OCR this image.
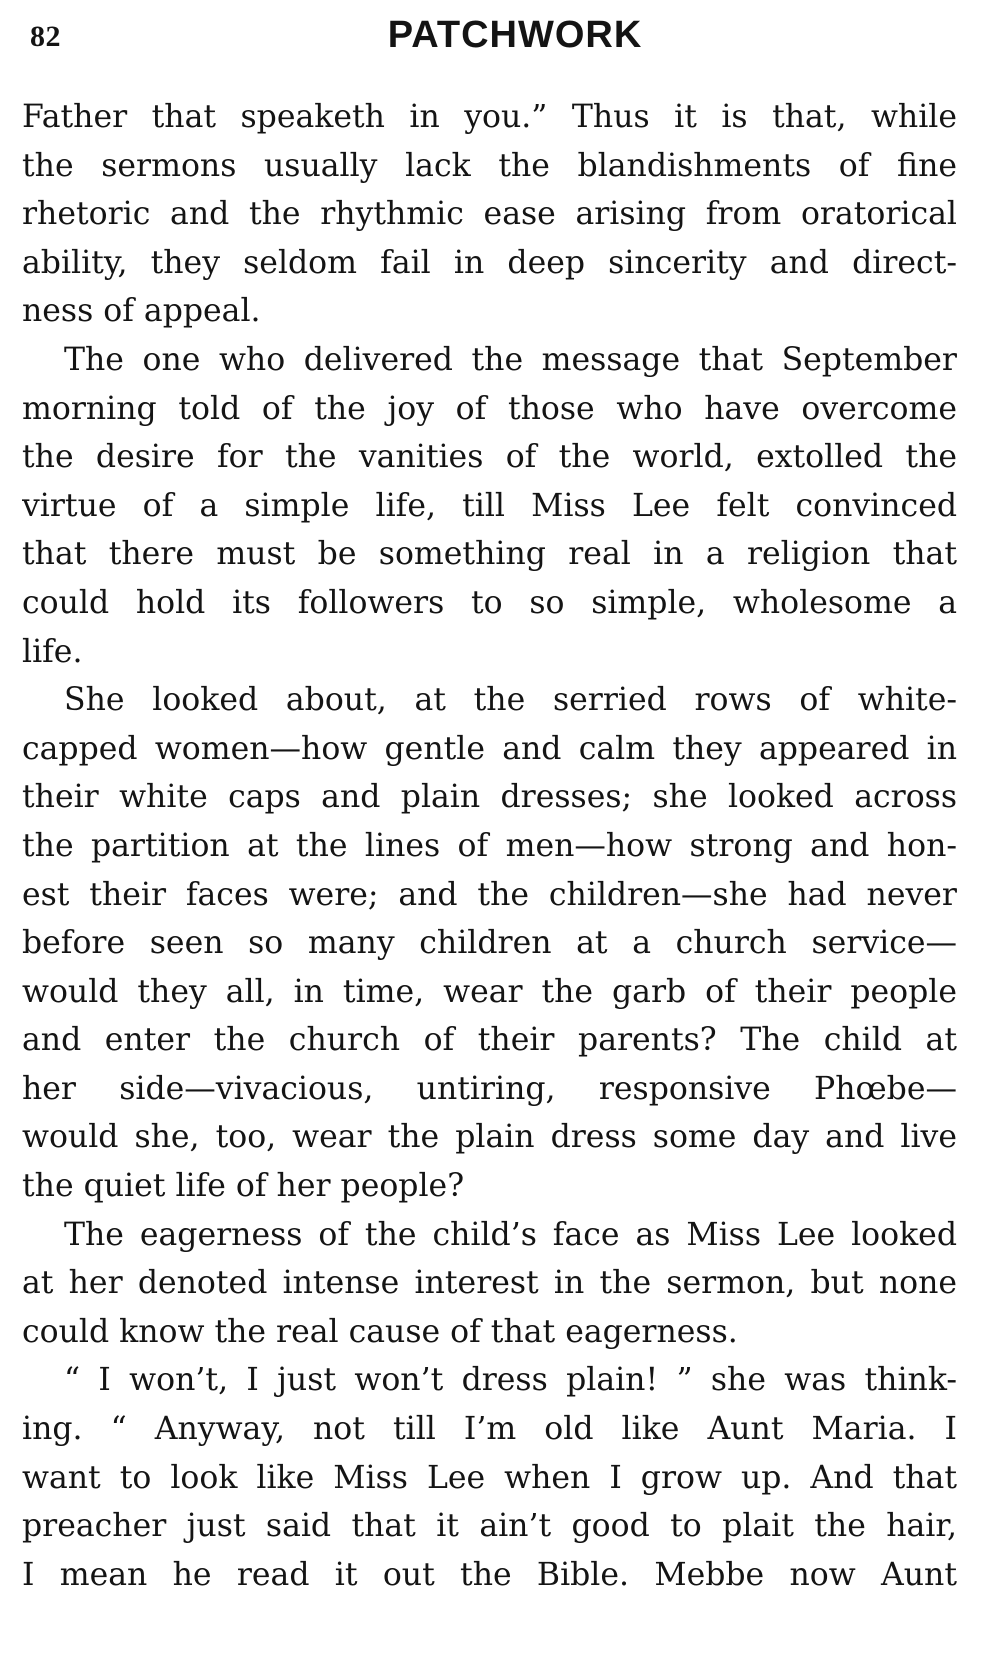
82	PATCHWORK
Father that speaketh in you.” Thus it is that, while
the sermons usually lack the blandishments of fine
rhetoric and the rhythmic ease arising from oratorical
ability, they seldom fail in deep sincerity and direct-
ness of appeal.
The one who delivered the message that September
morning told of the joy of those who have overcome
the desire for the vanities of the world, extolled the
virtue of a simple life, till Miss Lee felt convinced
that there must be something real in a religion that
could hold its followers to so simple, wholesome a
life.
She looked about, at the serried rows of white-
capped women—how gentle and calm they appeared in
their white caps and plain dresses; she looked across
the partition at the lines of men—how strong and hon-
est their faces were; and the children—she had never
before seen so many children at a church service—
would they all, in time, wear the garb of their people
and enter the church of their parents? The child at
her side—vivacious, untiring, responsive Phœbe—
would she, too, wear the plain dress some day and live
the quiet life of her people?
The eagerness of the child’s face as Miss Lee looked
at her denoted intense interest in the sermon, but none
could know the real cause of that eagerness.
“ I won’t, I just won’t dress plain! ” she was think-
ing. “ Anyway, not till I’m old like Aunt Maria. I
want to look like Miss Lee when I grow up. And that
preacher just said that it ain’t good to plait the hair,
I mean he read it out the Bible. Mebbe now Aunt
